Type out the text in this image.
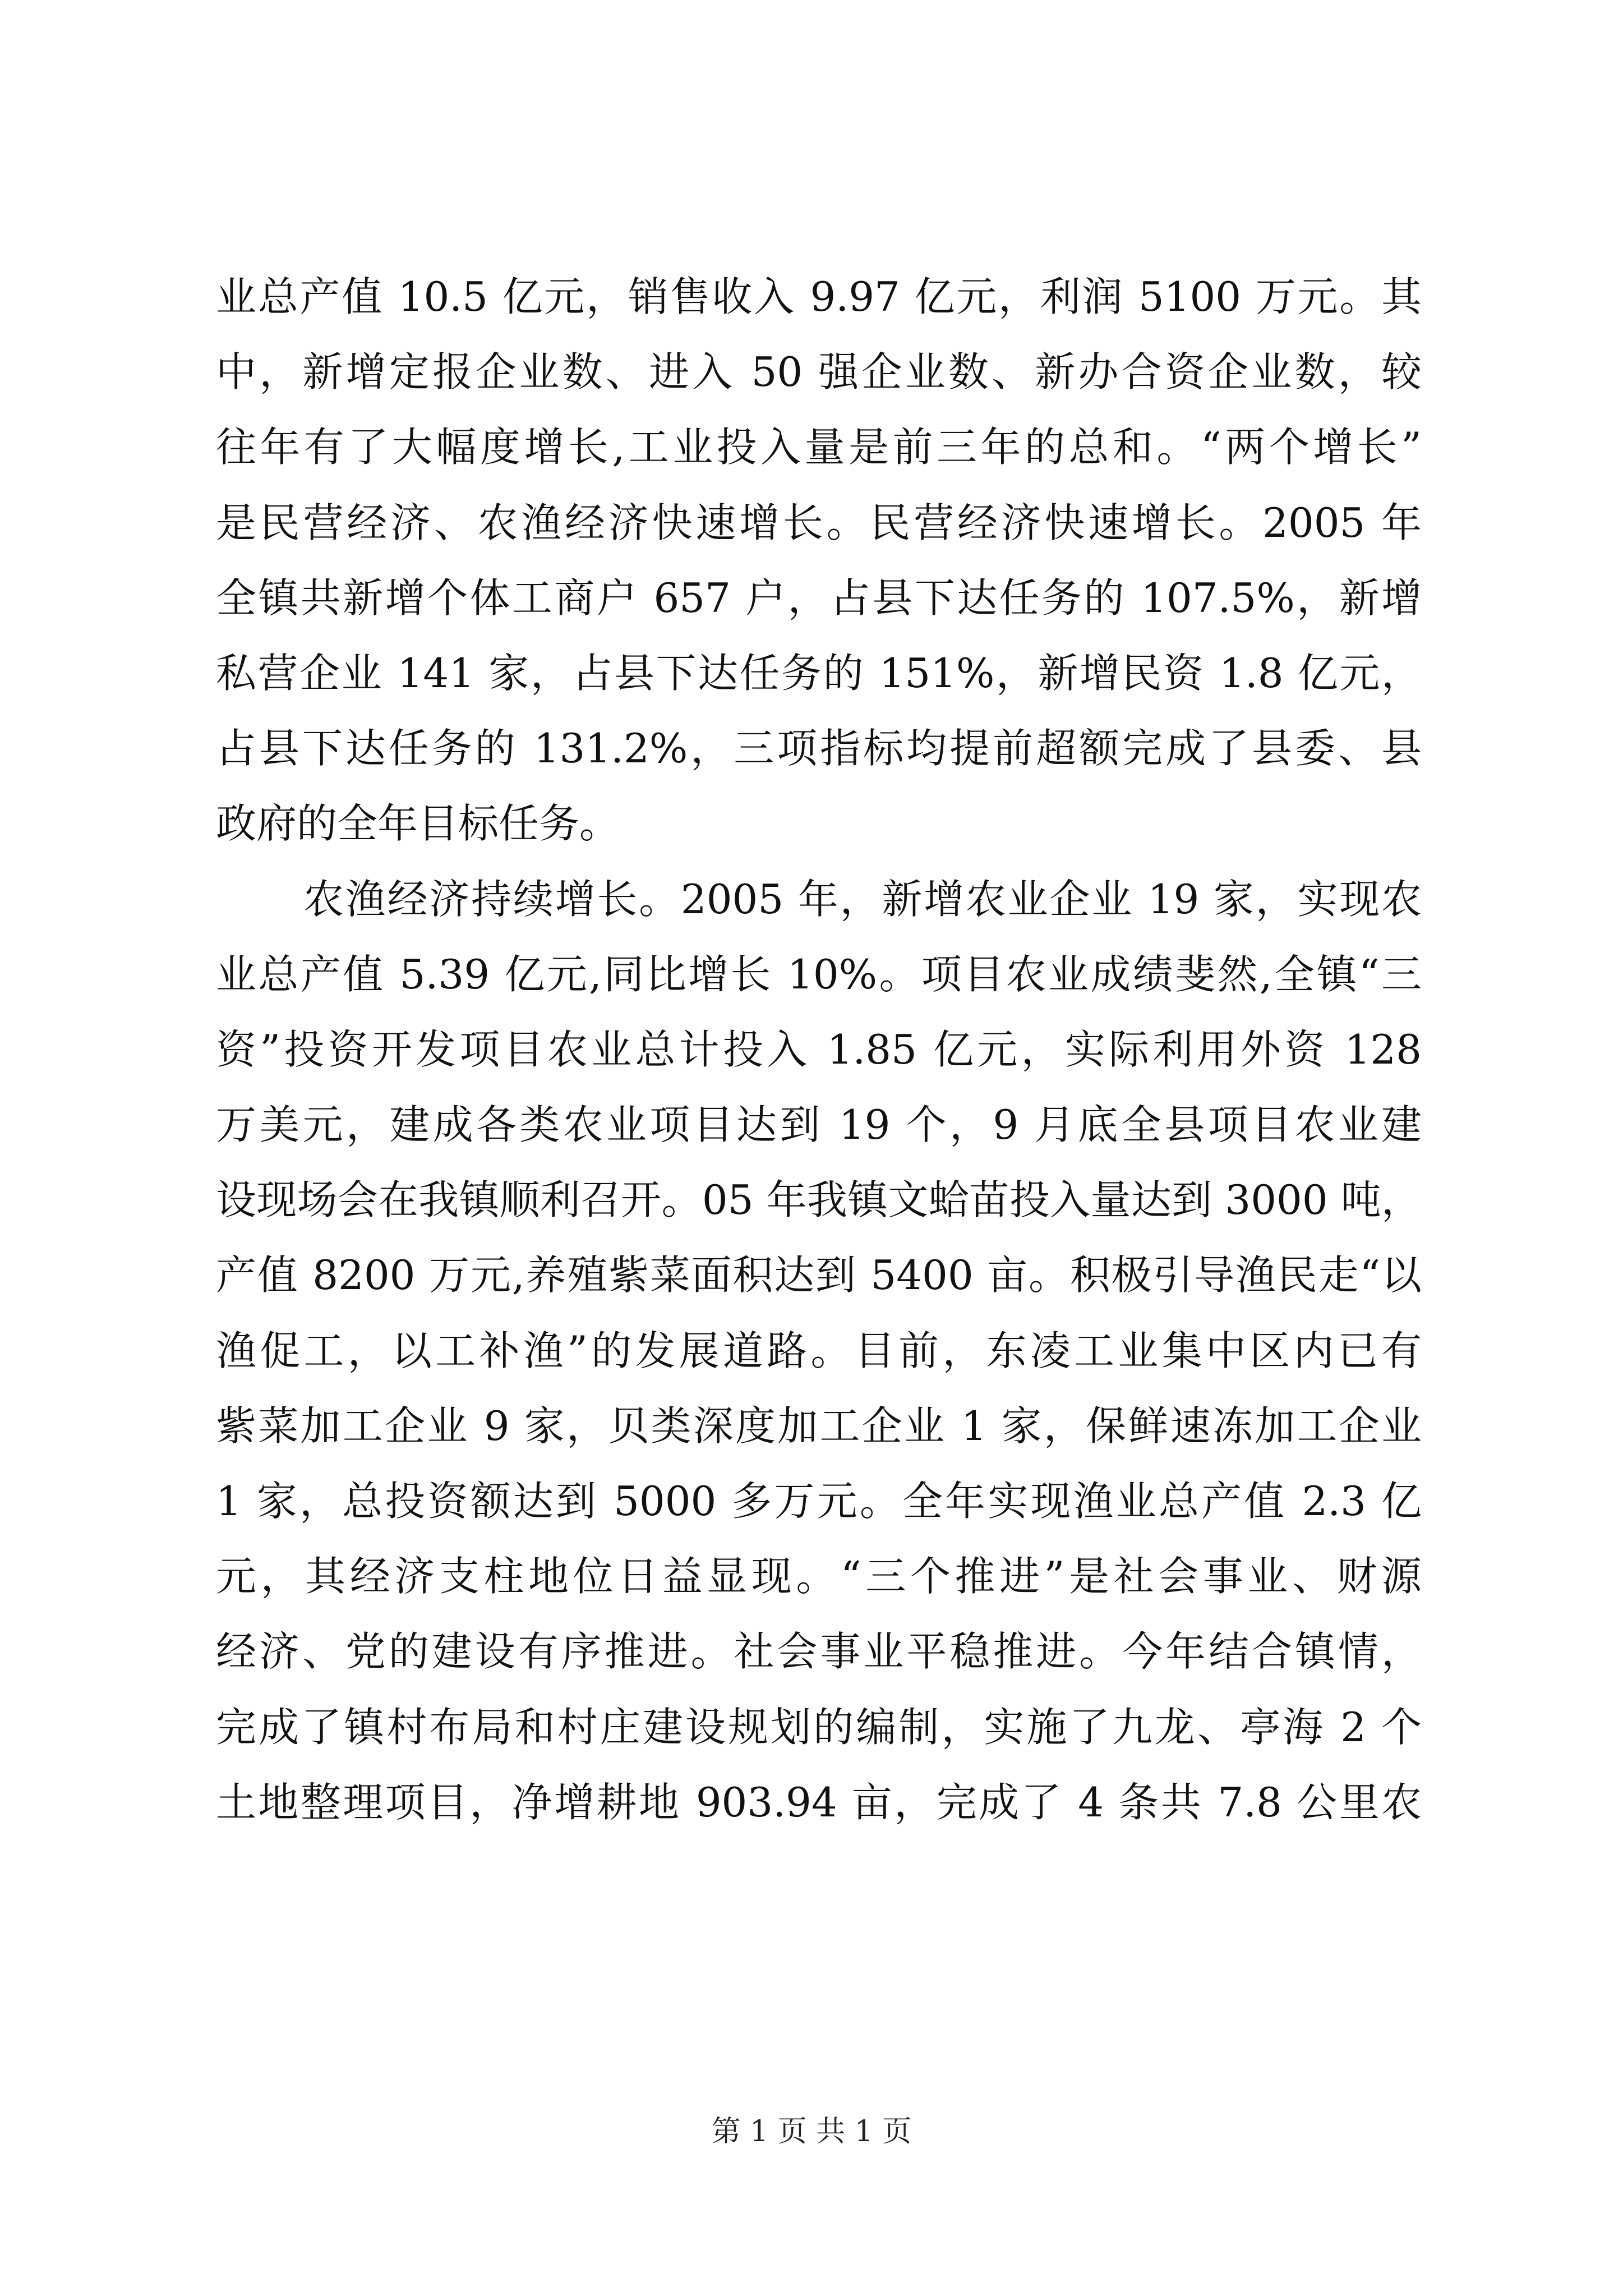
业总产值 10.5 亿元，销售收入 9.97 亿元，利润 5100 万元。其
中，新增定报企业数、进入 50 强企业数、新办合资企业数，较
往年有了大幅度增长,工业投入量是前三年的总和。“两个增长”
是民营经济、农渔经济快速增长。民营经济快速增长。2005 年
全镇共新增个体工商户 657 户，占县下达任务的 107.5%，新增
私营企业 141 家，占县下达任务的 151%，新增民资 1.8 亿元，
占县下达任务的 131.2%，三项指标均提前超额完成了县委、县
政府的全年目标任务。
农渔经济持续增长。2005 年，新增农业企业 19 家，实现农
业总产值 5.39 亿元,同比增长 10%。项目农业成绩斐然,全镇“三
资”投资开发项目农业总计投入 1.85 亿元，实际利用外资 128
万美元，建成各类农业项目达到 19 个，9 月底全县项目农业建
设现场会在我镇顺利召开。05 年我镇文蛤苗投入量达到 3000 吨，
产值 8200 万元,养殖紫菜面积达到 5400 亩。积极引导渔民走“以
渔促工，以工补渔”的发展道路。目前，东凌工业集中区内已有
紫菜加工企业 9 家，贝类深度加工企业 1 家，保鲜速冻加工企业
1 家，总投资额达到 5000 多万元。全年实现渔业总产值 2.3 亿
元，其经济支柱地位日益显现。“三个推进”是社会事业、财源
经济、党的建设有序推进。社会事业平稳推进。今年结合镇情，
完成了镇村布局和村庄建设规划的编制，实施了九龙、亭海 2 个
土地整理项目，净增耕地 903.94 亩，完成了 4 条共 7.8 公里农
第 1 页 共 1 页
